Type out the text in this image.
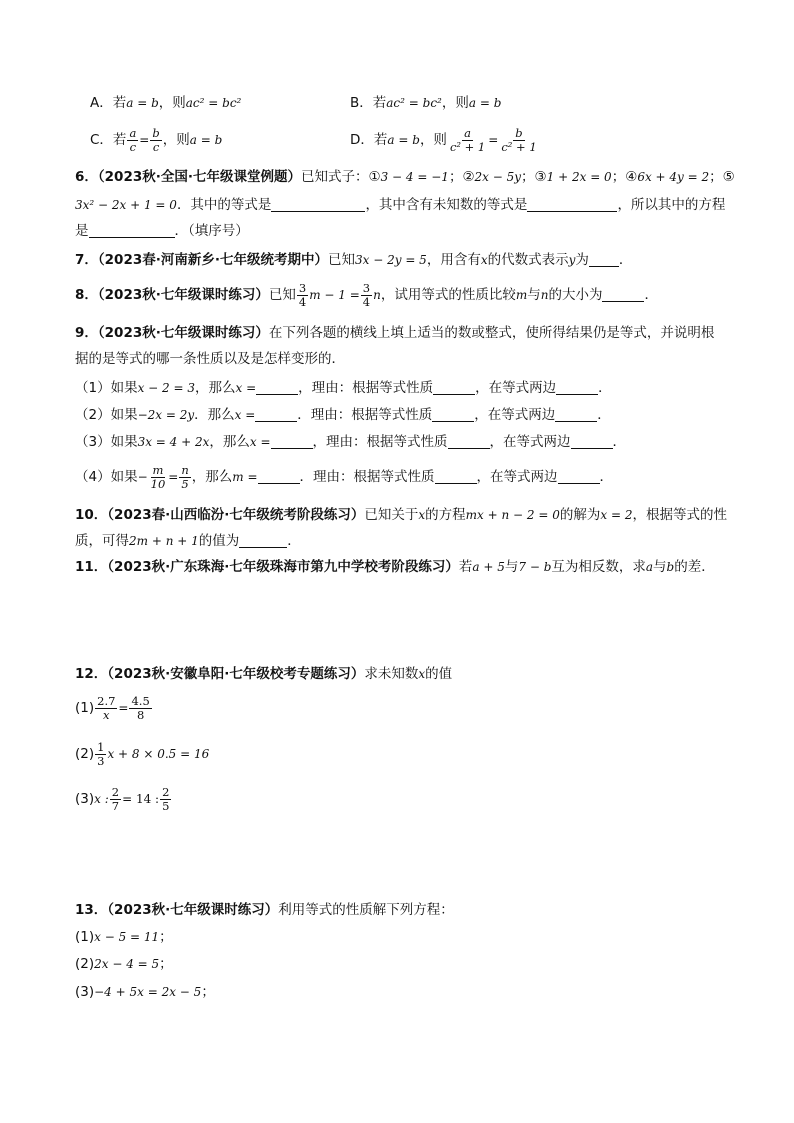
A．若a = b，则ac² = bc²	B．若ac² = bc²，则a = b
C．若 $\frac{a}{c} = \frac{b}{c}$ ，则a = b	D．若a = b，则 $\frac{a}{\text{c² + 1}} = \frac{b}{\text{c² + 1}}$
6．（2023秋·全国·七年级课堂例题）已知式子：①3 − 4 = −1；②2x − 5y；③1 + 2x = 0；④6x + 4y = 2；⑤
3x² − 2x + 1 = 0．其中的等式是	，其中含有未知数的等式是	，所以其中的方程
是	．（填序号）
7．（2023春·河南新乡·七年级统考期中）已知3x − 2y = 5，用含有x的代数式表示y为 ．
8．（2023秋·七年级课时练习）已知 $\frac{3}{4}$ $m - 1 = \frac{3}{4}$ n，试用等式的性质比较m与n的大小为	．
9．（2023秋·七年级课时练习）在下列各题的横线上填上适当的数或整式，使所得结果仍是等式，并说明根
据的是等式的哪一条性质以及是怎样变形的．
（1）如果x − 2 = 3，那么x =	，理由：根据等式性质	，在等式两边	．
（2）如果−2x = 2y．那么x =	．理由：根据等式性质	，在等式两边	．
（3）如果3x = 4 + 2x，那么x =	，理由：根据等式性质	，在等式两边	．
（4）如果− $\frac{m}{10} = \frac{n}{5}$ ，那么m =	．理由：根据等式性质	，在等式两边	．
10．（2023春·山西临汾·七年级统考阶段练习）已知关于x的方程mx + n − 2 = 0的解为x = 2，根据等式的性
质，可得2m + n + 1的值为	．
11．（2023秋·广东珠海·七年级珠海市第九中学校考阶段练习）若a + 5与7 − b互为相反数，求a与b的差．
12．（2023秋·安徽阜阳·七年级校考专题练习）求未知数x的值
$(1) \frac{2.7}{x} = \frac{4.5}{8}$
$(2) \frac{1}{3}$ x + 8 × 0.5 = 16
(3)x : $\frac{2}{7} = 14$ : $\frac{2}{5}$
13．（2023秋·七年级课时练习）利用等式的性质解下列方程：
(1)x − 5 = 11；
(2)2x − 4 = 5；
(3)−4 + 5x = 2x − 5；
